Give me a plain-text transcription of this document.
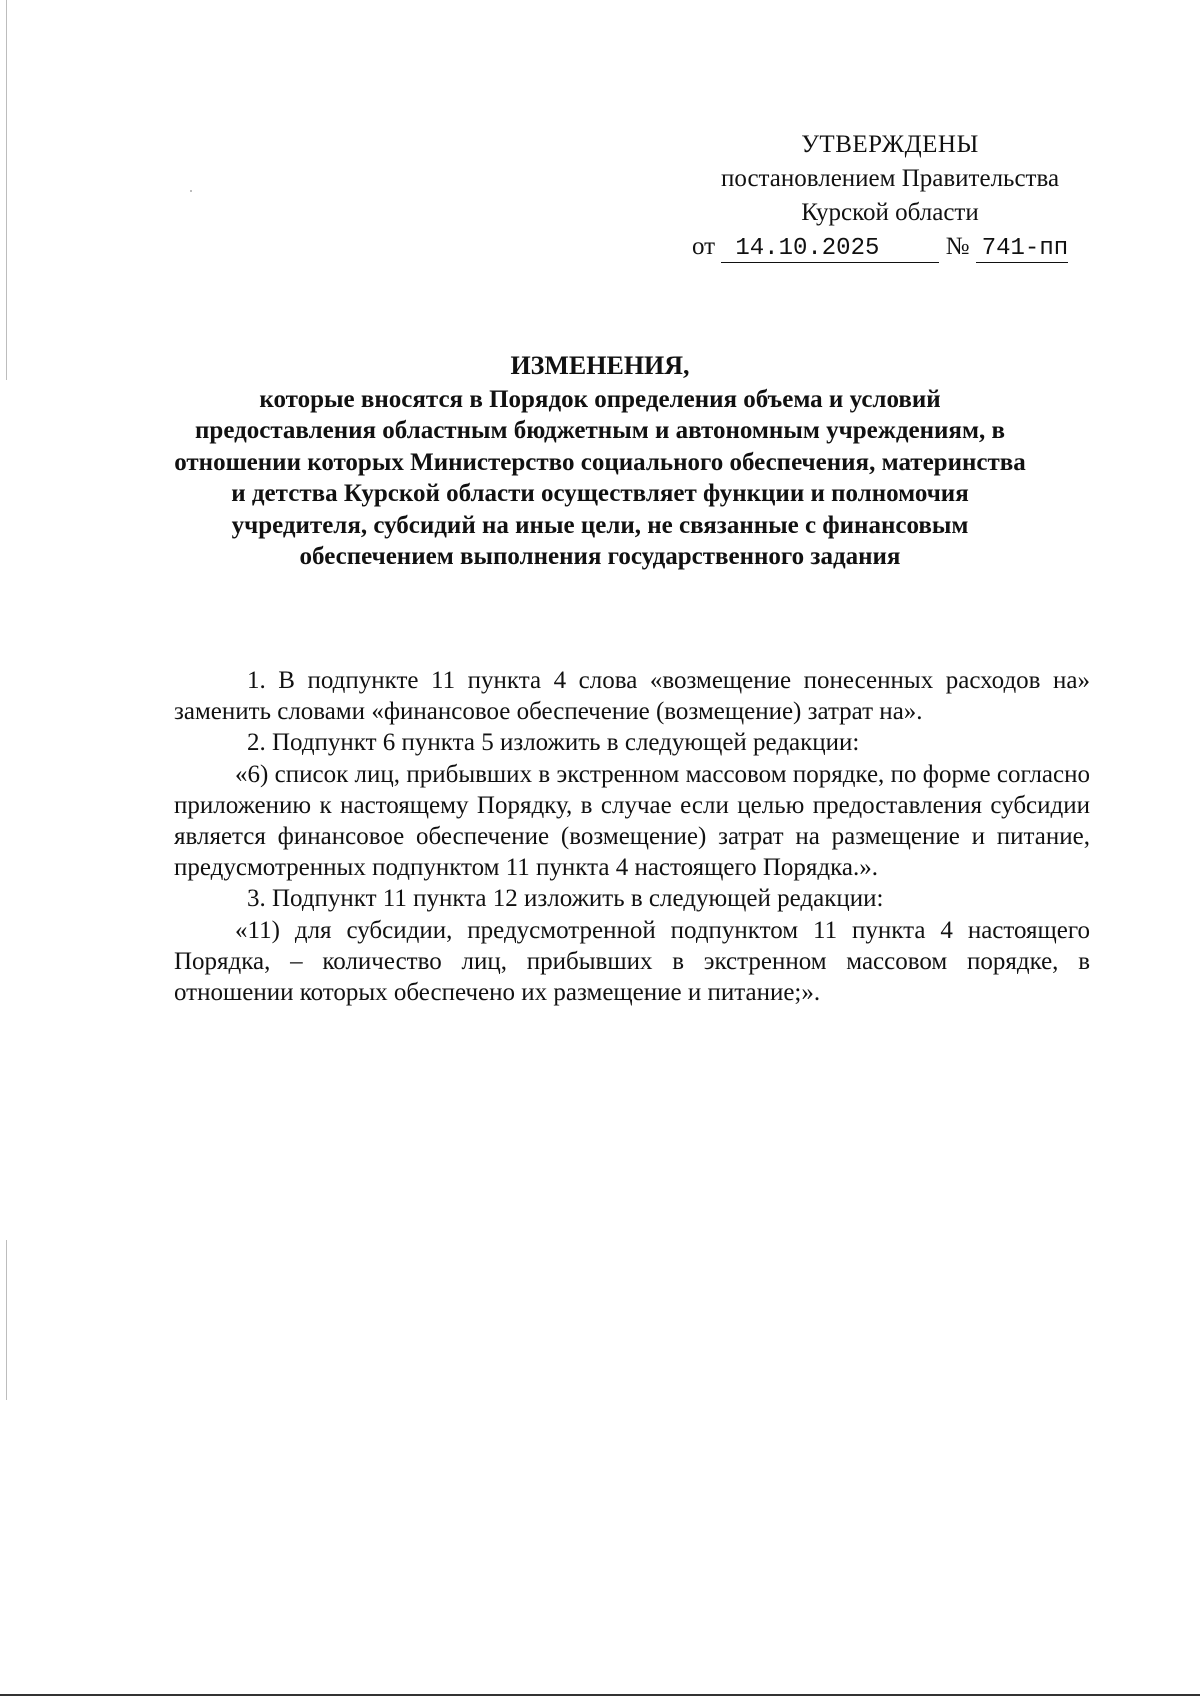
УТВЕРЖДЕНЫ
постановлением Правительства
Курской области
от 14.10.2025	№ 741-пп
ИЗМЕНЕНИЯ,
которые вносятся в Порядок определения объема и условий предоставления областным бюджетным и автономным учреждениям, в отношении которых Министерство социального обеспечения, материнства и детства Курской области осуществляет функции и полномочия учредителя, субсидий на иные цели, не связанные с финансовым обеспечением выполнения государственного задания

1. В подпункте 11 пункта 4 слова «возмещение понесенных расходов на» заменить словами «финансовое обеспечение (возмещение) затрат на».

2. Подпункт 6 пункта 5 изложить в следующей редакции:

«6) список лиц, прибывших в экстренном массовом порядке, по форме согласно приложению к настоящему Порядку, в случае если целью предоставления субсидии является финансовое обеспечение (возмещение) затрат на размещение и питание, предусмотренных подпунктом 11 пункта 4 настоящего Порядка.».

3. Подпункт 11 пункта 12 изложить в следующей редакции:

«11) для субсидии, предусмотренной подпунктом 11 пункта 4 настоящего Порядка, – количество лиц, прибывших в экстренном массовом порядке, в отношении которых обеспечено их размещение и питание;».
